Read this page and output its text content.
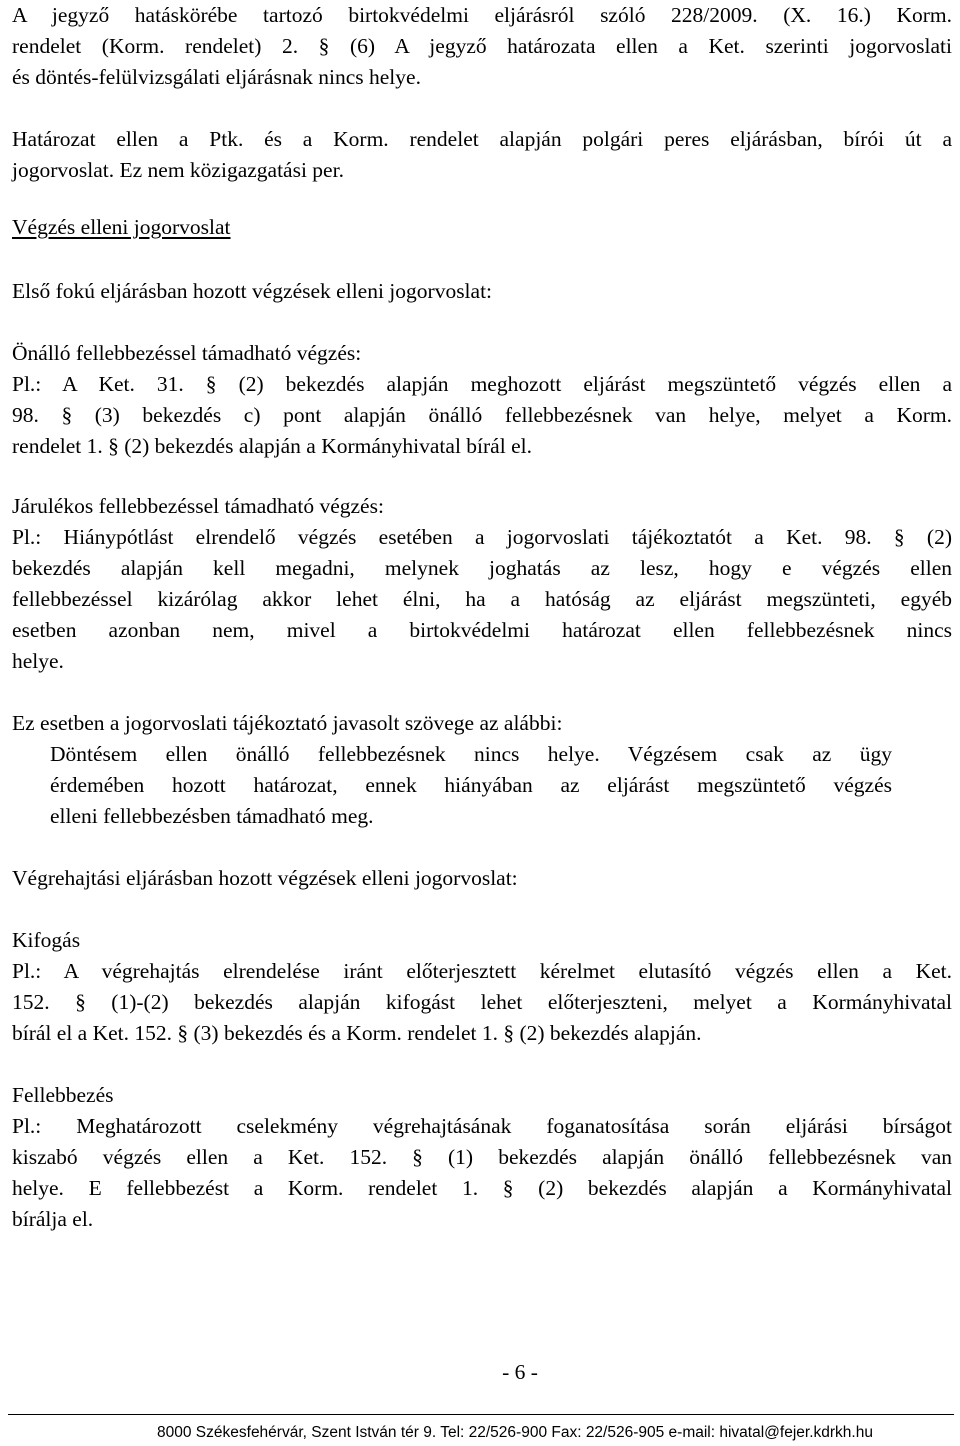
A jegyző hatáskörébe tartozó birtokvédelmi eljárásról szóló 228/2009. (X. 16.) Korm.
rendelet (Korm. rendelet) 2. § (6) A jegyző határozata ellen a Ket. szerinti jogorvoslati
és döntés-felülvizsgálati eljárásnak nincs helye.
Határozat ellen a Ptk. és a Korm. rendelet alapján polgári peres eljárásban, bírói út a
jogorvoslat. Ez nem közigazgatási per.
Végzés elleni jogorvoslat
Első fokú eljárásban hozott végzések elleni jogorvoslat:
Önálló fellebbezéssel támadható végzés:
Pl.: A Ket. 31. § (2) bekezdés alapján meghozott eljárást megszüntető végzés ellen a
98. § (3) bekezdés c) pont alapján önálló fellebbezésnek van helye, melyet a Korm.
rendelet 1. § (2) bekezdés alapján a Kormányhivatal bírál el.
Járulékos fellebbezéssel támadható végzés:
Pl.: Hiánypótlást elrendelő végzés esetében a jogorvoslati tájékoztatót a Ket. 98. § (2)
bekezdés alapján kell megadni, melynek joghatás az lesz, hogy e végzés ellen
fellebbezéssel kizárólag akkor lehet élni, ha a hatóság az eljárást megszünteti, egyéb
esetben azonban nem, mivel a birtokvédelmi határozat ellen fellebbezésnek nincs
helye.
Ez esetben a jogorvoslati tájékoztató javasolt szövege az alábbi:
Döntésem ellen önálló fellebbezésnek nincs helye. Végzésem csak az ügy
érdemében hozott határozat, ennek hiányában az eljárást megszüntető végzés
elleni fellebbezésben támadható meg.
Végrehajtási eljárásban hozott végzések elleni jogorvoslat:
Kifogás
Pl.: A végrehajtás elrendelése iránt előterjesztett kérelmet elutasító végzés ellen a Ket.
152. § (1)-(2) bekezdés alapján kifogást lehet előterjeszteni, melyet a Kormányhivatal
bírál el a Ket. 152. § (3) bekezdés és a Korm. rendelet 1. § (2) bekezdés alapján.
Fellebbezés
Pl.: Meghatározott cselekmény végrehajtásának foganatosítása során eljárási bírságot
kiszabó végzés ellen a Ket. 152. § (1) bekezdés alapján önálló fellebbezésnek van
helye. E fellebbezést a Korm. rendelet 1. § (2) bekezdés alapján a Kormányhivatal
bírálja el.
- 6 -
8000 Székesfehérvár, Szent István tér 9. Tel: 22/526-900 Fax: 22/526-905 e-mail: hivatal@fejer.kdrkh.hu
